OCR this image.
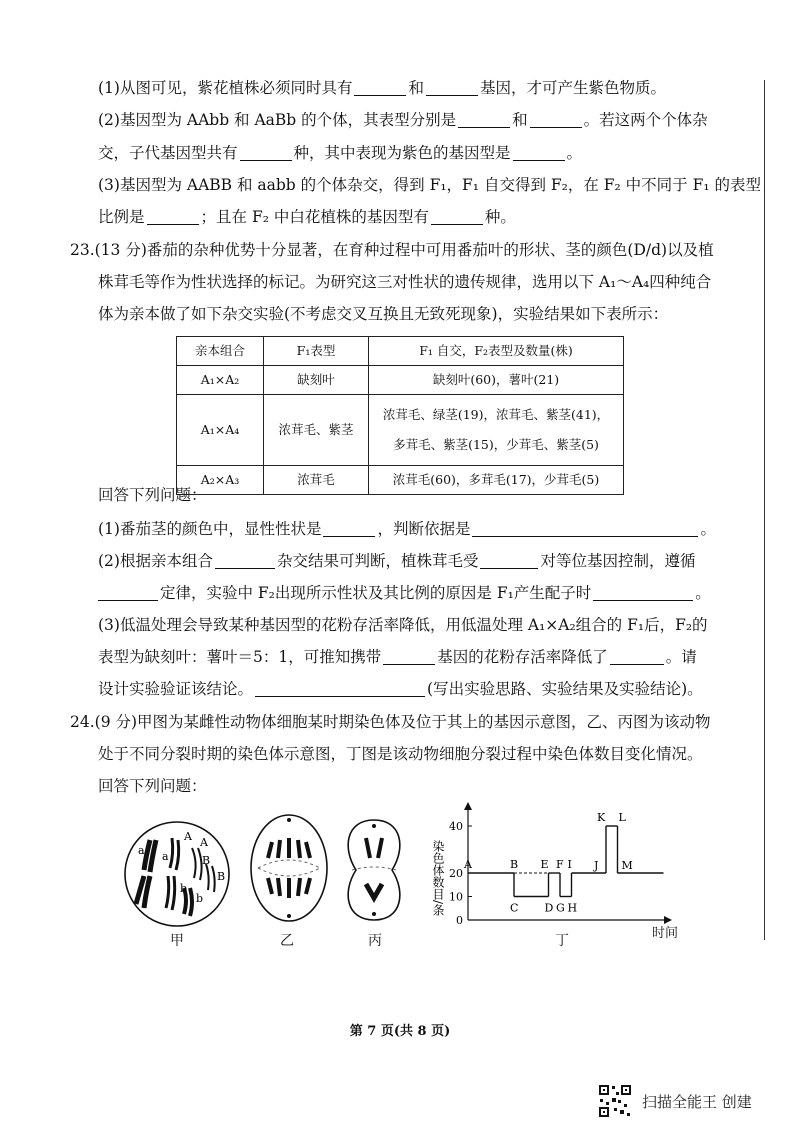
(1)从图可见，紫花植株必须同时具有	和	基因，才可产生紫色物质。
(2)基因型为 AAbb 和 AaBb 的个体，其表型分别是	和	。若这两个个体杂
交，子代基因型共有	种，其中表现为紫色的基因型是	。
(3)基因型为 AABB 和 aabb 的个体杂交，得到 F₁，F₁ 自交得到 F₂，在 F₂ 中不同于 F₁ 的表型
比例是	；且在 F₂ 中白花植株的基因型有	种。
23.(13 分)番茄的杂种优势十分显著，在育种过程中可用番茄叶的形状、茎的颜色(D/d)以及植
株茸毛等作为性状选择的标记。为研究这三对性状的遗传规律，选用以下 A₁～A₄四种纯合
体为亲本做了如下杂交实验(不考虑交叉互换且无致死现象)，实验结果如下表所示：
亲本组合	F₁表型	F₁ 自交，F₂表型及数量(株)
A₁×A₂	缺刻叶	缺刻叶(60)，薯叶(21)

A₁×A₄	浓茸毛、紫茎	浓茸毛、绿茎(19)，浓茸毛、紫茎(41)，
多茸毛、紫茎(15)，少茸毛、紫茎(5)

A₂×A₃	浓茸毛	浓茸毛(60)，多茸毛(17)，少茸毛(5)
回答下列问题：
(1)番茄茎的颜色中，显性性状是	，判断依据是	。
(2)根据亲本组合	杂交结果可判断，植株茸毛受	对等位基因控制，遵循
定律，实验中 F₂出现所示性状及其比例的原因是 F₁产生配子时	。
(3)低温处理会导致某种基因型的花粉存活率降低，用低温处理 A₁×A₂组合的 F₁后，F₂的
表型为缺刻叶：薯叶＝5：1，可推知携带	基因的花粉存活率降低了	。请
设计实验验证该结论。	(写出实验思路、实验结果及实验结论)。
24.(9 分)甲图为某雌性动物体细胞某时期染色体及位于其上的基因示意图，乙、丙图为该动物
处于不同分裂时期的染色体示意图，丁图是该动物细胞分裂过程中染色体数目变化情况。
回答下列问题：
a a
A A
B
B
b
b
甲	乙	丙
染色体数目/条
0
10
20
40
A	B
C D
E F
G H
I J
K L
M
丁	时间
第 7 页(共 8 页)
扫描全能王 创建
